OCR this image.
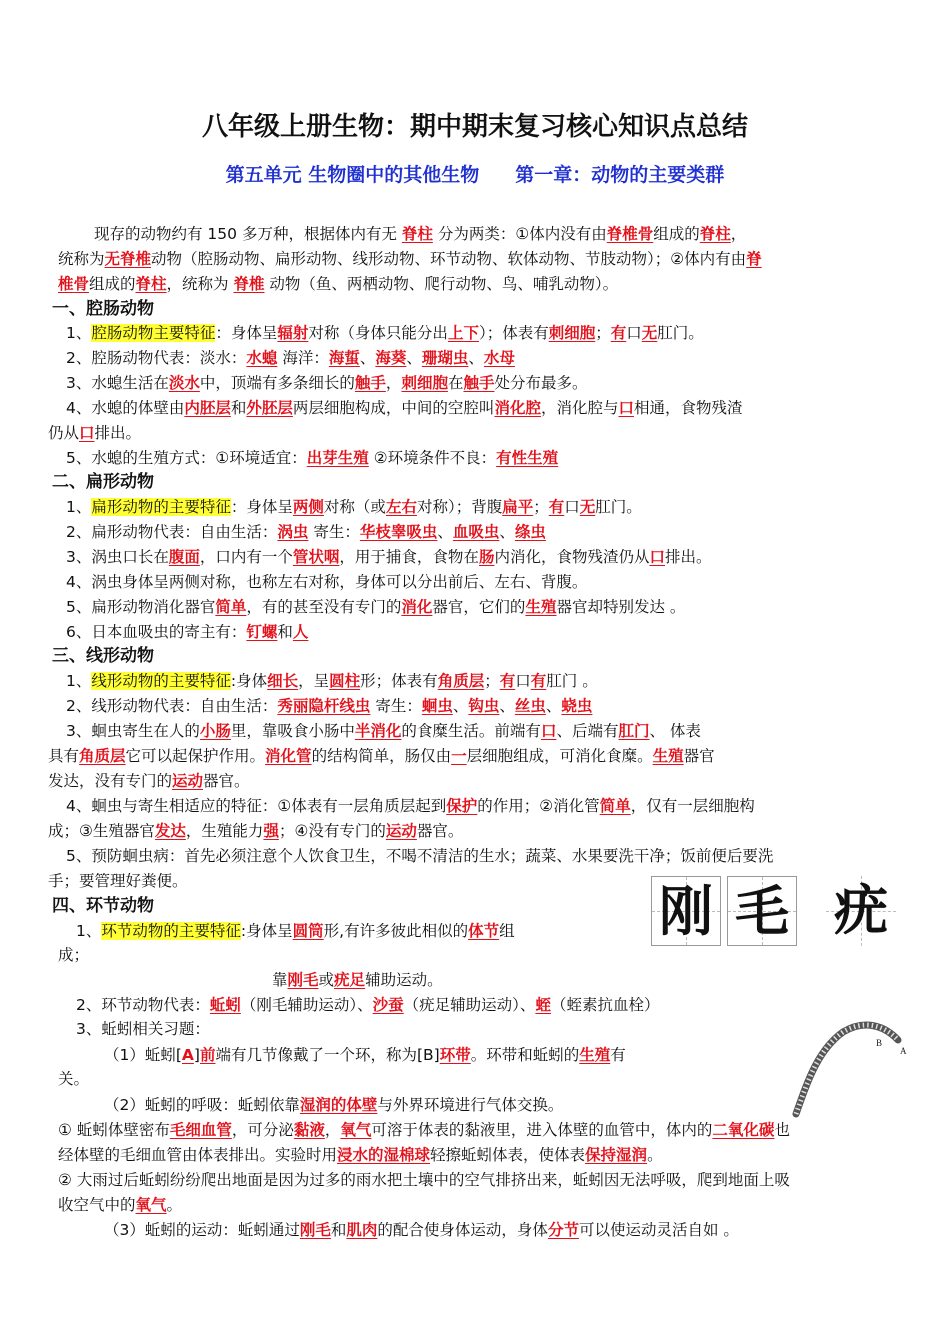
八年级上册生物：期中期末复习核心知识点总结
第五单元 生物圈中的其他生物 第一章：动物的主要类群
现存的动物约有 150 多万种，根据体内有无 脊柱 分为两类：①体内没有由脊椎骨组成的脊柱，
统称为无脊椎动物（腔肠动物、扁形动物、线形动物、环节动物、软体动物、节肢动物）；②体内有由脊
椎骨组成的脊柱，统称为 脊椎 动物（鱼、两栖动物、爬行动物、鸟、哺乳动物）。
一、腔肠动物
1、腔肠动物主要特征：身体呈辐射对称（身体只能分出上下）；体表有刺细胞；有口无肛门。
2、腔肠动物代表：淡水：水螅 海洋：海蜇、海葵、珊瑚虫、水母
3、水螅生活在淡水中，顶端有多条细长的触手，刺细胞在触手处分布最多。
4、水螅的体壁由内胚层和外胚层两层细胞构成，中间的空腔叫消化腔，消化腔与口相通，食物残渣
仍从口排出。
5、水螅的生殖方式：①环境适宜：出芽生殖 ②环境条件不良：有性生殖
二、扁形动物
1、扁形动物的主要特征：身体呈两侧对称（或左右对称）；背腹扁平；有口无肛门。
2、扁形动物代表：自由生活：涡虫 寄生：华枝睾吸虫、血吸虫、绦虫
3、涡虫口长在腹面，口内有一个管状咽，用于捕食，食物在肠内消化，食物残渣仍从口排出。
4、涡虫身体呈两侧对称，也称左右对称，身体可以分出前后、左右、背腹。
5、扁形动物消化器官简单，有的甚至没有专门的消化器官，它们的生殖器官却特别发达 。
6、日本血吸虫的寄主有：钉螺和人
三、线形动物
1、线形动物的主要特征:身体细长，呈圆柱形；体表有角质层；有口有肛门 。
2、线形动物代表：自由生活：秀丽隐杆线虫 寄生：蛔虫、钩虫、丝虫、蛲虫
3、蛔虫寄生在人的小肠里，靠吸食小肠中半消化的食糜生活。前端有口、后端有肛门、 体表
具有角质层它可以起保护作用。消化管的结构简单，肠仅由一层细胞组成，可消化食糜。生殖器官
发达，没有专门的运动器官。
4、蛔虫与寄生相适应的特征：①体表有一层角质层起到保护的作用；②消化管简单，仅有一层细胞构
成；③生殖器官发达，生殖能力强；④没有专门的运动器官。
5、预防蛔虫病：首先必须注意个人饮食卫生，不喝不清洁的生水；蔬菜、水果要洗干净；饭前便后要洗
手；要管理好粪便。
四、环节动物
1、环节动物的主要特征:身体呈圆筒形,有许多彼此相似的体节组
成；
靠刚毛或疣足辅助运动。
2、环节动物代表：蚯蚓（刚毛辅助运动）、沙蚕（疣足辅助运动）、蛭（蛭素抗血栓）
3、蚯蚓相关习题：
（1）蚯蚓[A]前端有几节像戴了一个环，称为[B]环带。环带和蚯蚓的生殖有
关。
（2）蚯蚓的呼吸：蚯蚓依靠湿润的体壁与外界环境进行气体交换。
① 蚯蚓体壁密布毛细血管，可分泌黏液，氧气可溶于体表的黏液里，进入体壁的血管中，体内的二氧化碳也
经体壁的毛细血管由体表排出。实验时用浸水的湿棉球轻擦蚯蚓体表，使体表保持湿润。
② 大雨过后蚯蚓纷纷爬出地面是因为过多的雨水把土壤中的空气排挤出来，蚯蚓因无法呼吸，爬到地面上吸
收空气中的氧气。
（3）蚯蚓的运动：蚯蚓通过刚毛和肌肉的配合使身体运动，身体分节可以使运动灵活自如 。
刚 毛 疣
B
A
